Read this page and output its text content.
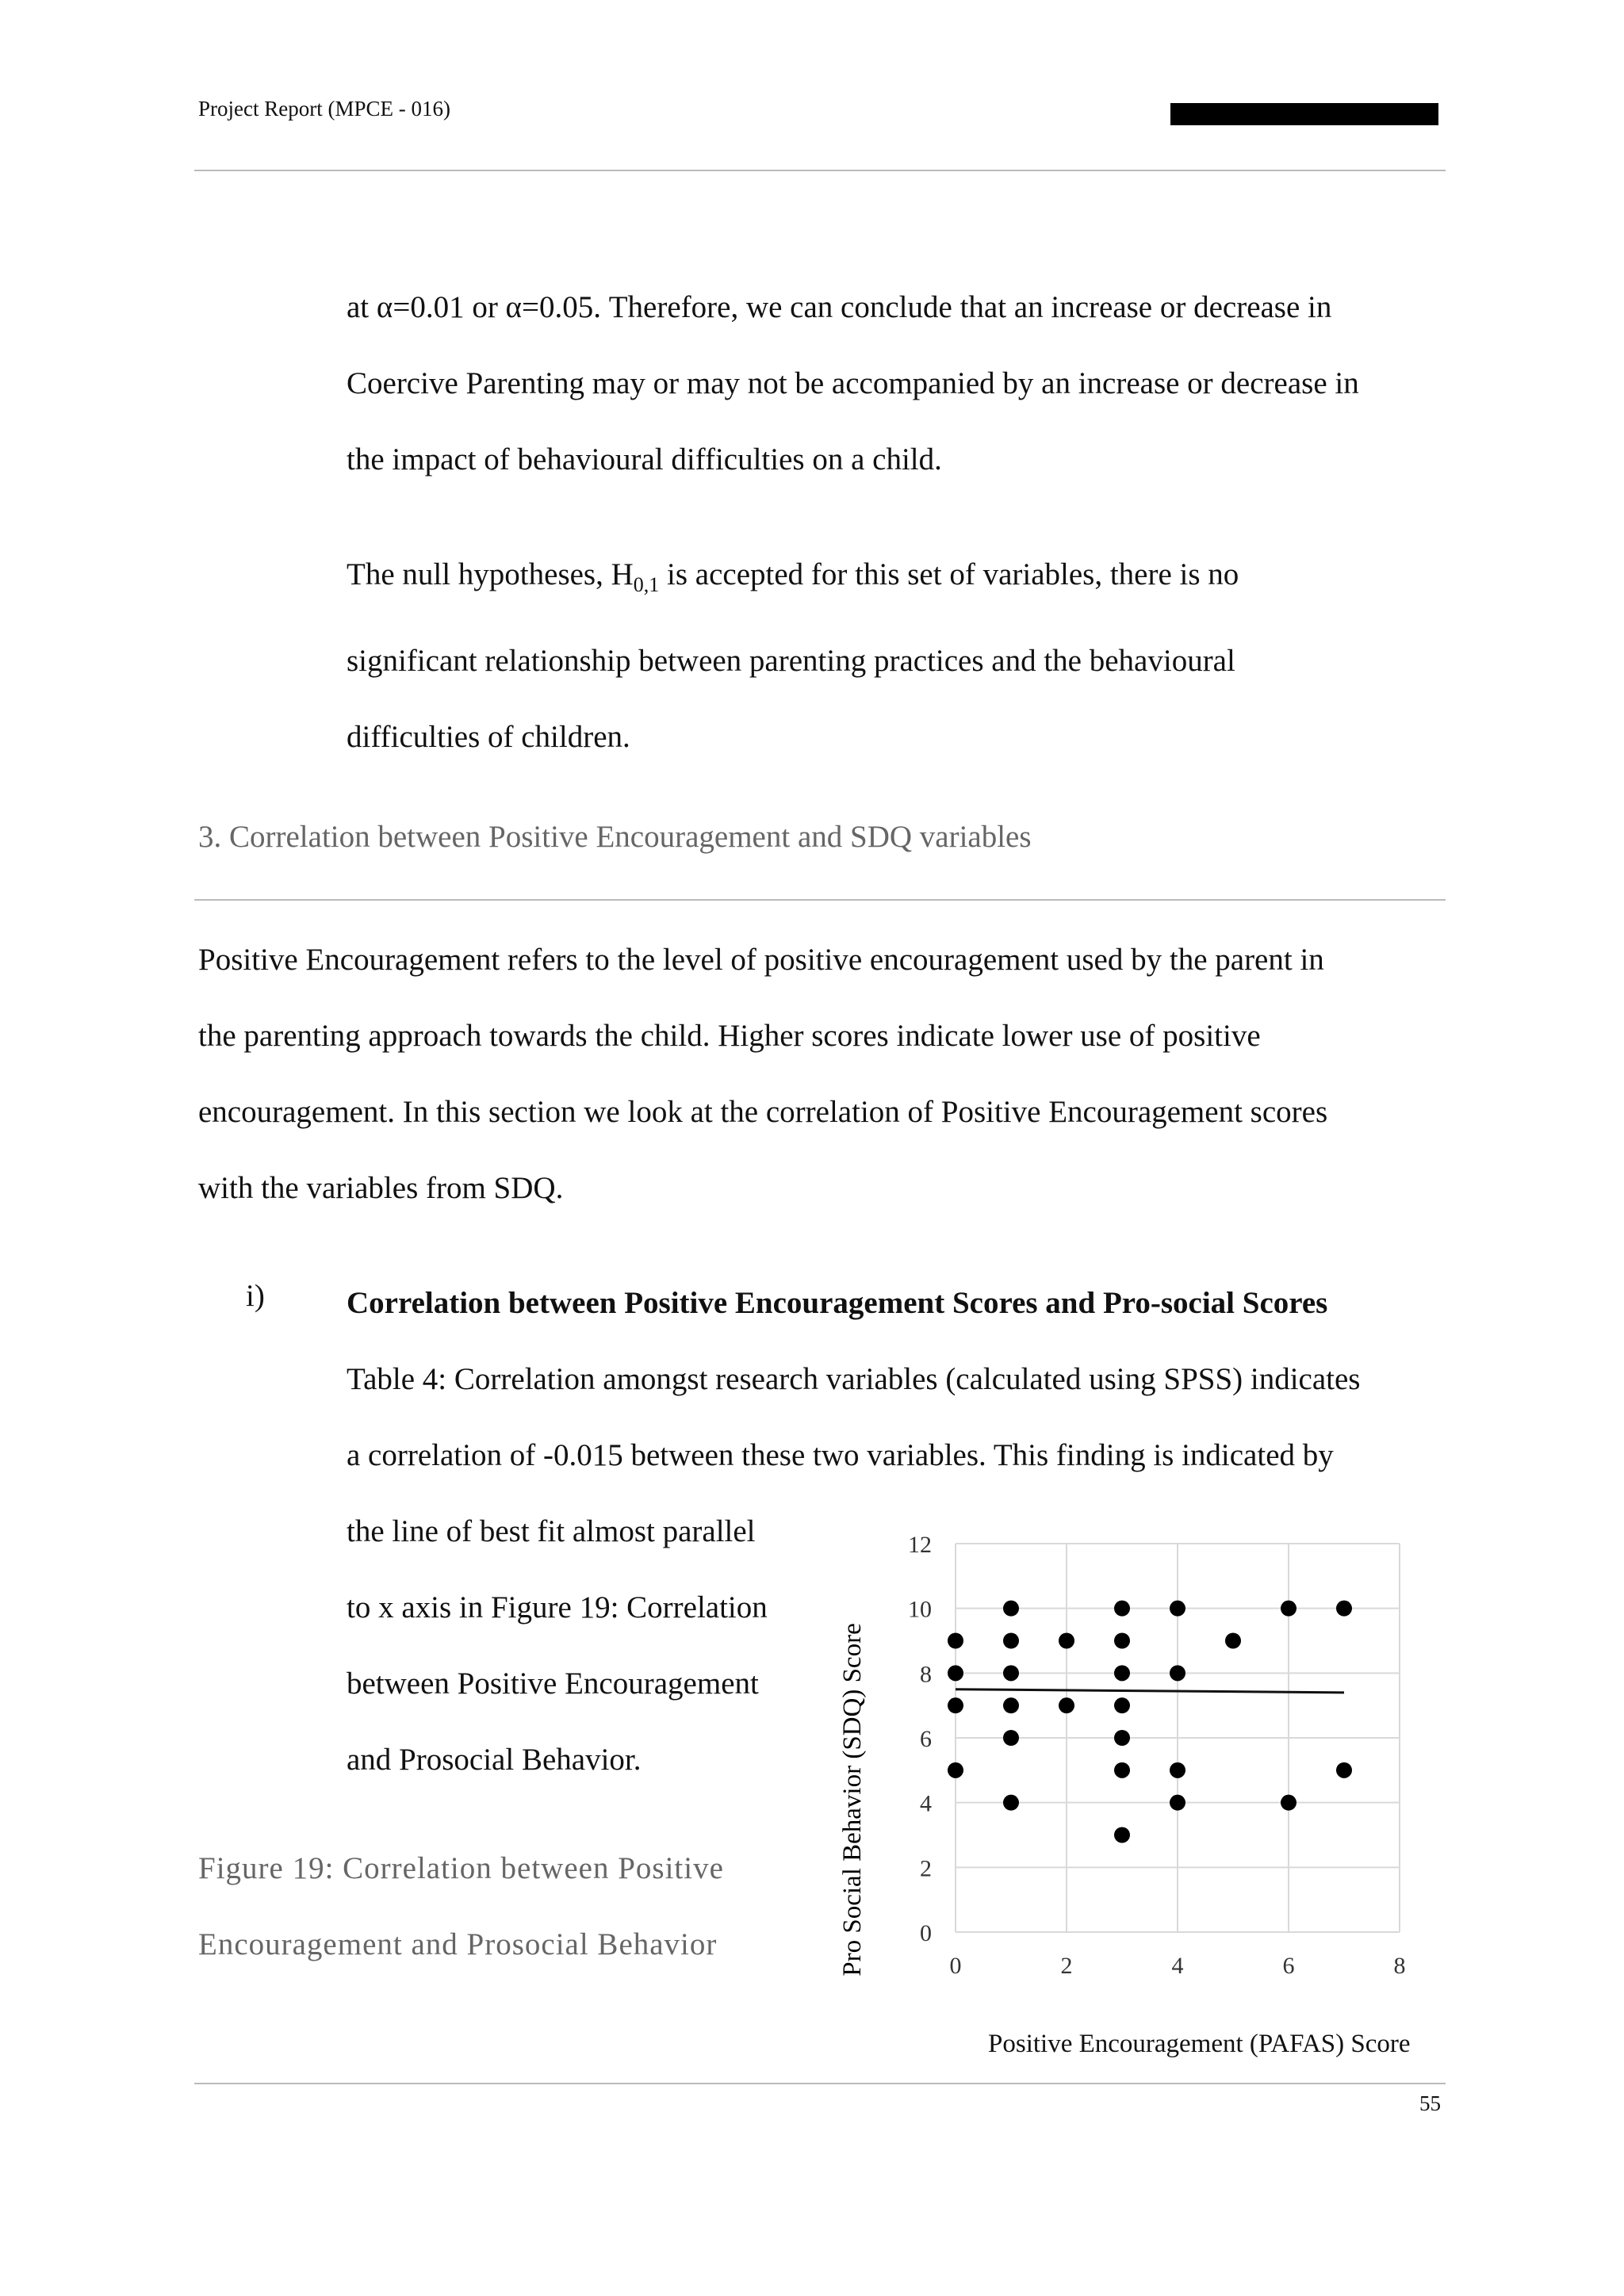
Project Report (MPCE - 016)
at α=0.01 or α=0.05. Therefore, we can conclude that an increase or decrease in
Coercive Parenting may or may not be accompanied by an increase or decrease in
the impact of behavioural difficulties on a child.
The null hypotheses, $H_{0,1}$ is accepted for this set of variables, there is no
significant relationship between parenting practices and the behavioural
difficulties of children.
3. Correlation between Positive Encouragement and SDQ variables
Positive Encouragement refers to the level of positive encouragement used by the parent in
the parenting approach towards the child. Higher scores indicate lower use of positive
encouragement. In this section we look at the correlation of Positive Encouragement scores
with the variables from SDQ.
i)	Correlation between Positive Encouragement Scores and Pro-social Scores
Table 4: Correlation amongst research variables (calculated using SPSS) indicates
a correlation of -0.015 between these two variables. This finding is indicated by
the line of best fit almost parallel
to x axis in Figure 19: Correlation
between Positive Encouragement
and Prosocial Behavior.
Figure 19: Correlation between Positive
Encouragement and Prosocial Behavior	0
2
4
6
8
10
12
0	2	4	6	8
Pro Social Behavior (SDQ) Score
Positive Encouragement (PAFAS) Score
55
